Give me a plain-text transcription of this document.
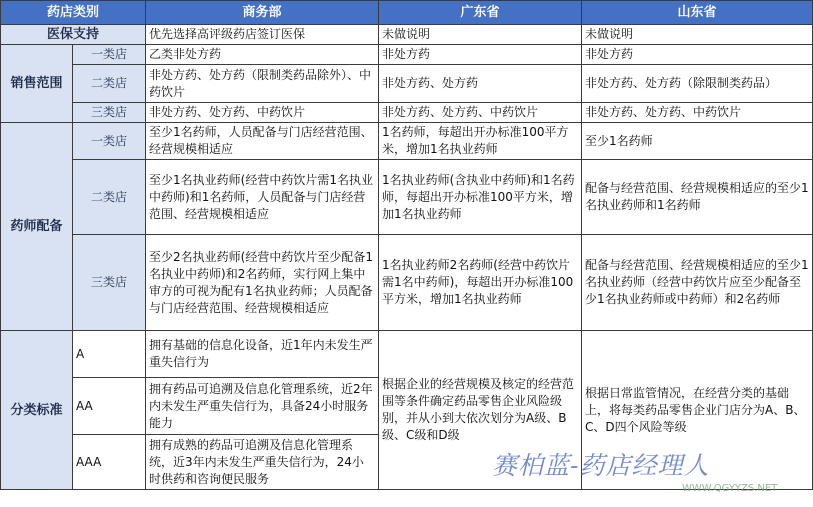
药店类别		商务部	广东省	山东省
医保支持		优先选择高评级药店签订医保	未做说明	未做说明
销售范围	一类店	乙类非处方药	非处方药	非处方药
	二类店	非处方药、处方药（限制类药品除外）、中药饮片	非处方药、处方药	非处方药、处方药（除限制类药品）
	三类店	非处方药、处方药、中药饮片	非处方药、处方药、中药饮片	非处方药、处方药、中药饮片
药师配备	一类店	至少1名药师，人员配备与门店经营范围、经营规模相适应	1名药师，每超出开办标准100平方米，增加1名执业药师	至少1名药师
	二类店	至少1名执业药师(经营中药饮片需1名执业中药师)和1名药师，人员配备与门店经营范围、经营规模相适应	1名执业药师(含执业中药师)和1名药师，每超出开办标准100平方米，增加1名执业药师	配备与经营范围、经营规模相适应的至少1名执业药师和1名药师
	三类店	至少2名执业药师(经营中药饮片至少配备1名执业中药师)和2名药师，实行网上集中审方的可视为配有1名执业药师；人员配备与门店经营范围、经营规模相适应	1名执业药师2名药师(经营中药饮片需1名中药师)，每超出开办标准100平方米，增加1名执业药师	配备与经营范围、经营规模相适应的至少1名执业药师（经营中药饮片应至少配备至少1名执业药师或中药师）和2名药师
分类标准	A	拥有基础的信息化设备，近1年内未发生严重失信行为	根据企业的经营规模及核定的经营范围等条件确定药品零售企业风险级别，并从小到大依次划分为A级、B级、C级和D级	根据日常监管情况，在经营分类的基础上，将每类药品零售企业门店分为A、B、C、D四个风险等级
	AA	拥有药品可追溯及信息化管理系统，近2年内未发生严重失信行为，具备24小时服务能力		
	AAA	拥有成熟的药品可追溯及信息化管理系统，近3年内未发生严重失信行为，24小时供药和咨询便民服务			赛柏蓝-药店经理人
WWW.QGYYZS.NET
